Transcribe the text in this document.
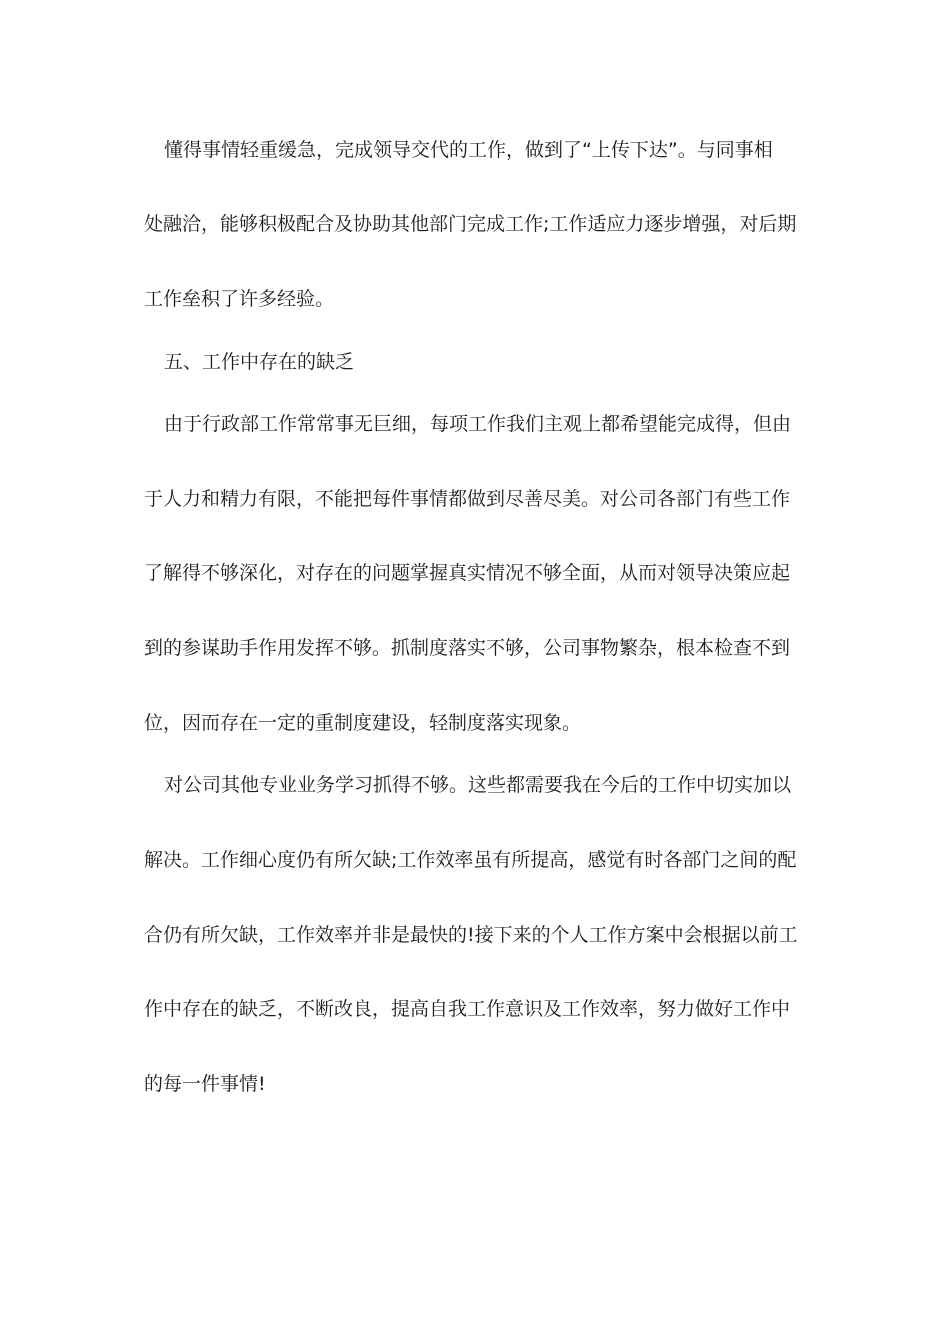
懂得事情轻重缓急，完成领导交代的工作，做到了“上传下达”。与同事相
处融洽，能够积极配合及协助其他部门完成工作;工作适应力逐步增强，对后期
工作垒积了许多经验。
五、工作中存在的缺乏
由于行政部工作常常事无巨细，每项工作我们主观上都希望能完成得，但由
于人力和精力有限，不能把每件事情都做到尽善尽美。对公司各部门有些工作
了解得不够深化，对存在的问题掌握真实情况不够全面，从而对领导决策应起
到的参谋助手作用发挥不够。抓制度落实不够，公司事物繁杂，根本检查不到
位，因而存在一定的重制度建设，轻制度落实现象。
对公司其他专业业务学习抓得不够。这些都需要我在今后的工作中切实加以
解决。工作细心度仍有所欠缺;工作效率虽有所提高，感觉有时各部门之间的配
合仍有所欠缺，工作效率并非是最快的!接下来的个人工作方案中会根据以前工
作中存在的缺乏，不断改良，提高自我工作意识及工作效率，努力做好工作中
的每一件事情!
